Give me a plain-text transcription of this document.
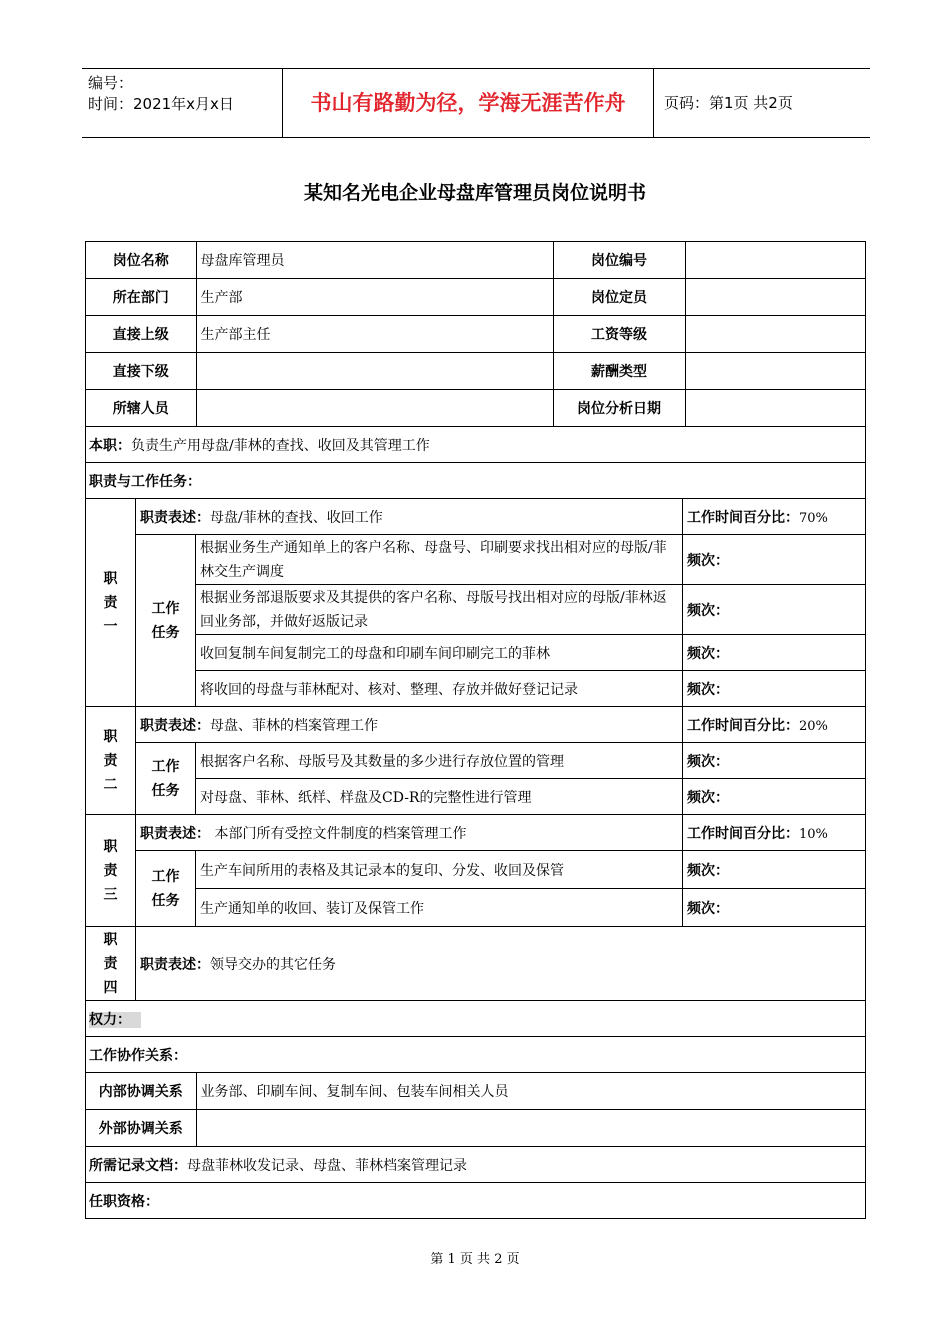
编号：
时间：2021年x月x日	书山有路勤为径，学海无涯苦作舟	页码：第1页 共2页
某知名光电企业母盘库管理员岗位说明书
岗位名称	母盘库管理员	岗位编号	

所在部门	生产部	岗位定员	

直接上级	生产部主任	工资等级	

直接下级		薪酬类型	

所辖人员		岗位分析日期	

本职：负责生产用母盘/菲林的查找、收回及其管理工作
职责与工作任务：

职
责
一
	职责表述：母盘/菲林的查找、收回工作	工作时间百分比：70%

工作
任务
	根据业务生产通知单上的客户名称、母盘号、印刷要求找出相对应的母版/菲林交生产调度	频次：
根据业务部退版要求及其提供的客户名称、母版号找出相对应的母版/菲林返回业务部，并做好返版记录	频次：
收回复制车间复制完工的母盘和印刷车间印刷完工的菲林	频次：
将收回的母盘与菲林配对、核对、整理、存放并做好登记记录	频次：

职
责
二
	职责表述：母盘、菲林的档案管理工作	工作时间百分比：20%

工作
任务
	根据客户名称、母版号及其数量的多少进行存放位置的管理	频次：
对母盘、菲林、纸样、样盘及CD-R的完整性进行管理	频次：

职
责
三
	职责表述： 本部门所有受控文件制度的档案管理工作	工作时间百分比：10%

工作
任务
	生产车间所用的表格及其记录本的复印、分发、收回及保管	频次：
生产通知单的收回、装订及保管工作	频次：

职
责
四
	职责表述：领导交办的其它任务
权力：
工作协作关系：

内部协调关系	业务部、印刷车间、复制车间、包装车间相关人员

外部协调关系	

所需记录文档：母盘菲林收发记录、母盘、菲林档案管理记录
任职资格：
第 1 页 共 2 页
